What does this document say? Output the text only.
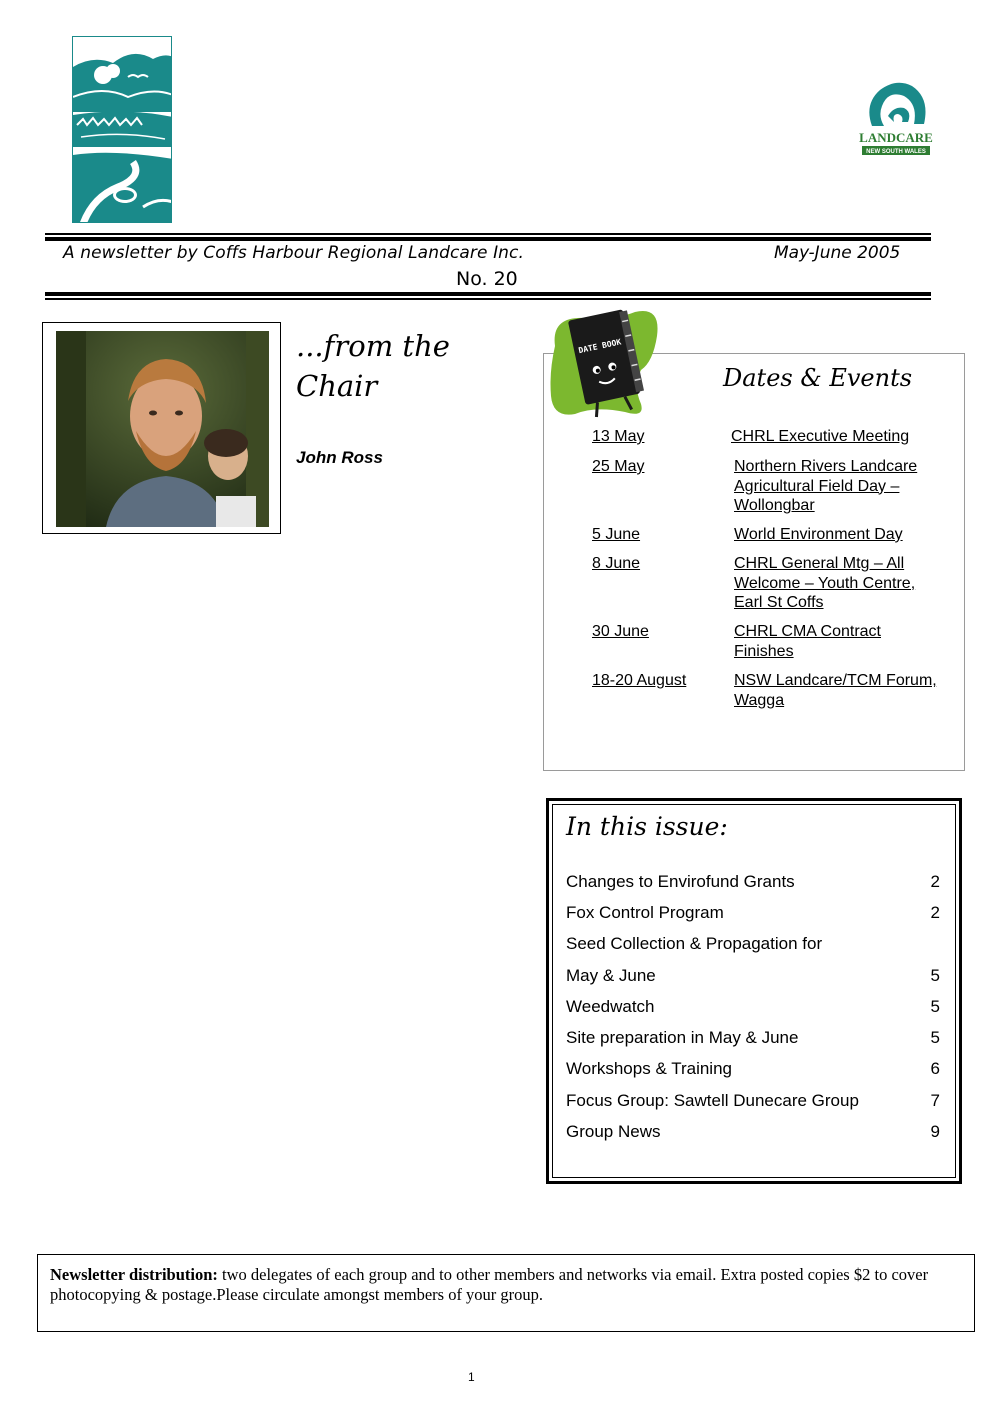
LANDCARE
NEW SOUTH WALES
A newsletter by Coffs Harbour Regional Landcare Inc.	May-June 2005
No. 20
...from the Chair
John Ross
DATE BOOK
Dates & Events
13 May	CHRL Executive Meeting
25 May	Northern Rivers Landcare Agricultural Field Day – Wollongbar
5 June	World Environment Day
8 June	CHRL General Mtg – All Welcome – Youth Centre, Earl St Coffs
30 June	CHRL CMA Contract Finishes
18-20 August	NSW Landcare/TCM Forum, Wagga
In this issue:
Changes to Envirofund Grants	2
Fox Control Program	2
Seed Collection & Propagation for
May & June	5
Weedwatch	5
Site preparation in May & June	5
Workshops & Training	6
Focus Group: Sawtell Dunecare Group	7
Group News	9
Newsletter distribution: two delegates of each group and to other members and networks via email. Extra posted copies $2 to cover photocopying & postage.Please circulate amongst members of your group.
1
